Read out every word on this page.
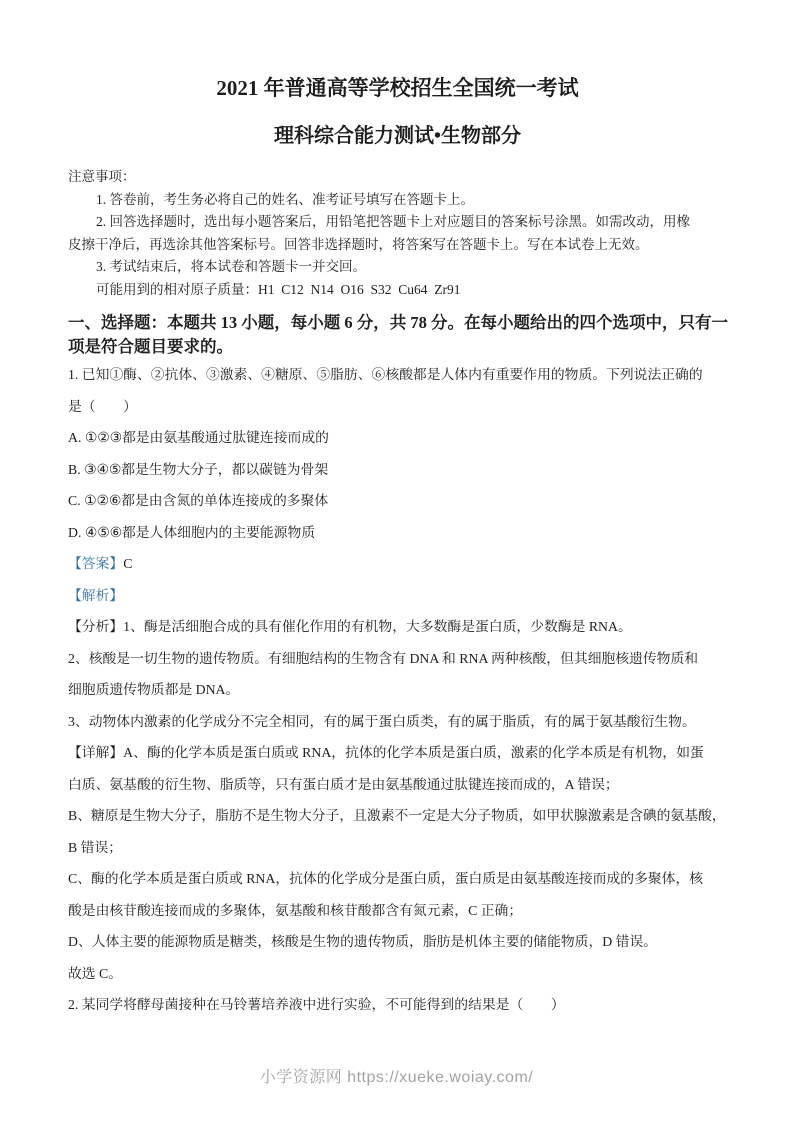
2021 年普通高等学校招生全国统一考试
理科综合能力测试•生物部分
注意事项：
1. 答卷前，考生务必将自己的姓名、准考证号填写在答题卡上。
2. 回答选择题时，选出每小题答案后，用铅笔把答题卡上对应题目的答案标号涂黑。如需改动，用橡
皮擦干净后，再选涂其他答案标号。回答非选择题时，将答案写在答题卡上。写在本试卷上无效。
3. 考试结束后，将本试卷和答题卡一并交回。
可能用到的相对原子质量：H1  C12  N14  O16  S32  Cu64  Zr91
一、选择题：本题共 13 小题，每小题 6 分，共 78 分。在每小题给出的四个选项中，只有一
项是符合题目要求的。
1. 已知①酶、②抗体、③激素、④糖原、⑤脂肪、⑥核酸都是人体内有重要作用的物质。下列说法正确的
是（　　）
A. ①②③都是由氨基酸通过肽键连接而成的
B. ③④⑤都是生物大分子，都以碳链为骨架
C. ①②⑥都是由含氮的单体连接成的多聚体
D. ④⑤⑥都是人体细胞内的主要能源物质
【答案】C
【解析】
【分析】1、酶是活细胞合成的具有催化作用的有机物，大多数酶是蛋白质，少数酶是 RNA。
2、核酸是一切生物的遗传物质。有细胞结构的生物含有 DNA 和 RNA 两种核酸，但其细胞核遗传物质和
细胞质遗传物质都是 DNA。
3、动物体内激素的化学成分不完全相同，有的属于蛋白质类，有的属于脂质，有的属于氨基酸衍生物。
【详解】A、酶的化学本质是蛋白质或 RNA，抗体的化学本质是蛋白质，激素的化学本质是有机物，如蛋
白质、氨基酸的衍生物、脂质等，只有蛋白质才是由氨基酸通过肽键连接而成的，A 错误；
B、糖原是生物大分子，脂肪不是生物大分子，且激素不一定是大分子物质，如甲状腺激素是含碘的氨基酸，
B 错误；
C、酶的化学本质是蛋白质或 RNA，抗体的化学成分是蛋白质，蛋白质是由氨基酸连接而成的多聚体，核
酸是由核苷酸连接而成的多聚体，氨基酸和核苷酸都含有氮元素，C 正确；
D、人体主要的能源物质是糖类，核酸是生物的遗传物质，脂肪是机体主要的储能物质，D 错误。
故选 C。
2. 某同学将酵母菌接种在马铃薯培养液中进行实验，不可能得到的结果是（　　）
小学资源网 https://xueke.woiay.com/
